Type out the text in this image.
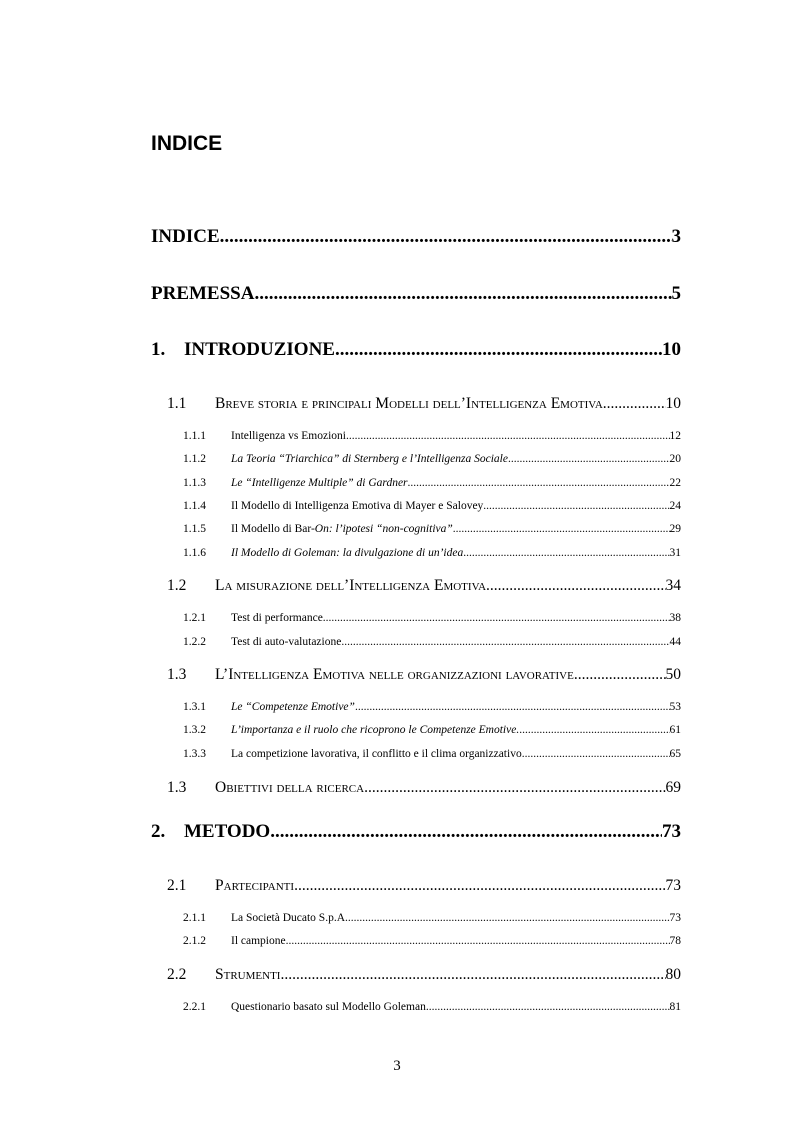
INDICE
INDICE .....	3
PREMESSA .....	5
1. INTRODUZIONE .....	10
1.1	Breve storia e principali Modelli dell’Intelligenza Emotiva .....	10
1.1.1	Intelligenza vs Emozioni .....	12
1.1.2	La Teoria “Triarchica” di Sternberg e l’Intelligenza Sociale .....	20
1.1.3	Le “Intelligenze Multiple” di Gardner .....	22
1.1.4	Il Modello di Intelligenza Emotiva di Mayer e Salovey .....	24
1.1.5	Il Modello di Bar-On: l’ipotesi “non-cognitiva” .....	29
1.1.6	Il Modello di Goleman: la divulgazione di un’idea .....	31
1.2	La misurazione dell’Intelligenza Emotiva .....	34
1.2.1	Test di performance .....	38
1.2.2	Test di auto-valutazione .....	44
1.3	L’Intelligenza Emotiva nelle organizzazioni lavorative .....	50
1.3.1	Le “Competenze Emotive” .....	53
1.3.2	L’importanza e il ruolo che ricoprono le Competenze Emotive. .....	61
1.3.3	La competizione lavorativa, il conflitto e il clima organizzativo .....	65
1.3	Obiettivi della ricerca. .....	69
2. METODO .....	73
2.1	Partecipanti .....	73
2.1.1	La Società Ducato S.p.A. .....	73
2.1.2	Il campione .....	78
2.2	Strumenti .....	80
2.2.1	Questionario basato sul Modello Goleman .....	81
3
